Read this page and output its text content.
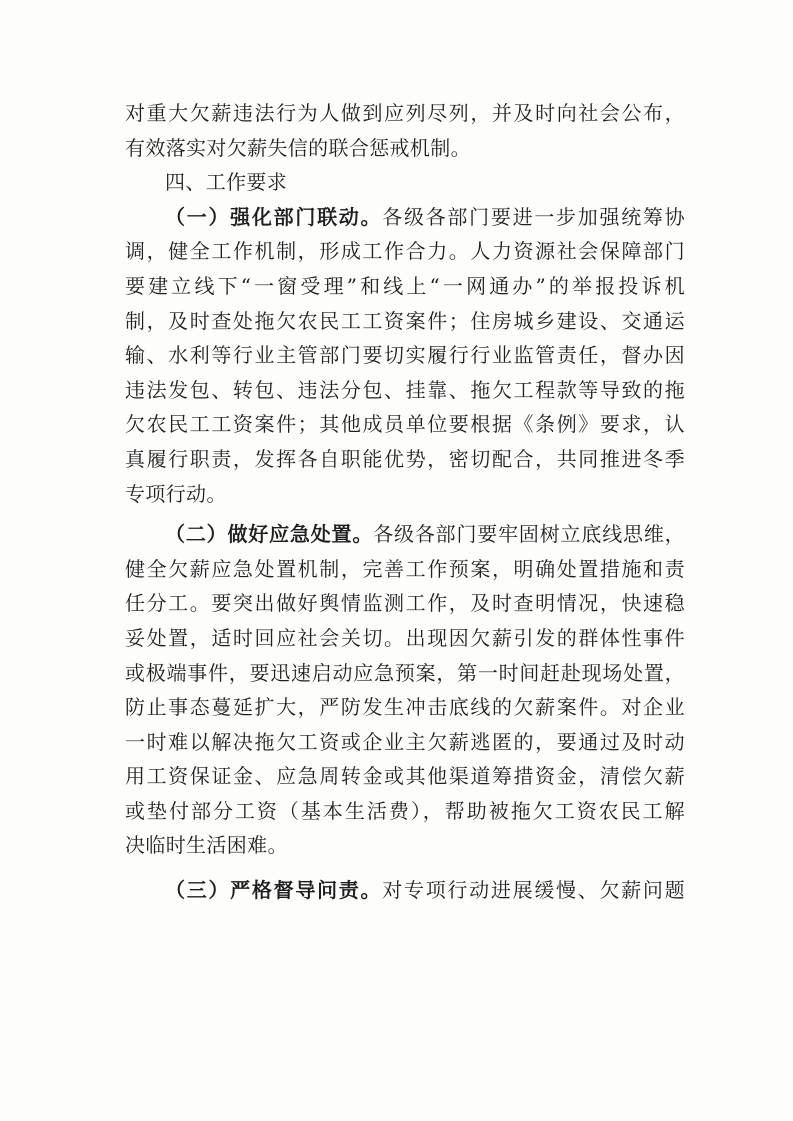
对重大欠薪违法行为人做到应列尽列，并及时向社会公布，
有效落实对欠薪失信的联合惩戒机制。
四、工作要求
（一）强化部门联动。各级各部门要进一步加强统筹协
调，健全工作机制，形成工作合力。人力资源社会保障部门
要建立线下“一窗受理”和线上“一网通办”的举报投诉机
制，及时查处拖欠农民工工资案件；住房城乡建设、交通运
输、水利等行业主管部门要切实履行行业监管责任，督办因
违法发包、转包、违法分包、挂靠、拖欠工程款等导致的拖
欠农民工工资案件；其他成员单位要根据《条例》要求，认
真履行职责，发挥各自职能优势，密切配合，共同推进冬季
专项行动。
（二）做好应急处置。各级各部门要牢固树立底线思维，
健全欠薪应急处置机制，完善工作预案，明确处置措施和责
任分工。要突出做好舆情监测工作，及时查明情况，快速稳
妥处置，适时回应社会关切。出现因欠薪引发的群体性事件
或极端事件，要迅速启动应急预案，第一时间赶赴现场处置，
防止事态蔓延扩大，严防发生冲击底线的欠薪案件。对企业
一时难以解决拖欠工资或企业主欠薪逃匿的，要通过及时动
用工资保证金、应急周转金或其他渠道筹措资金，清偿欠薪
或垫付部分工资（基本生活费），帮助被拖欠工资农民工解
决临时生活困难。
（三）严格督导问责。对专项行动进展缓慢、欠薪问题
